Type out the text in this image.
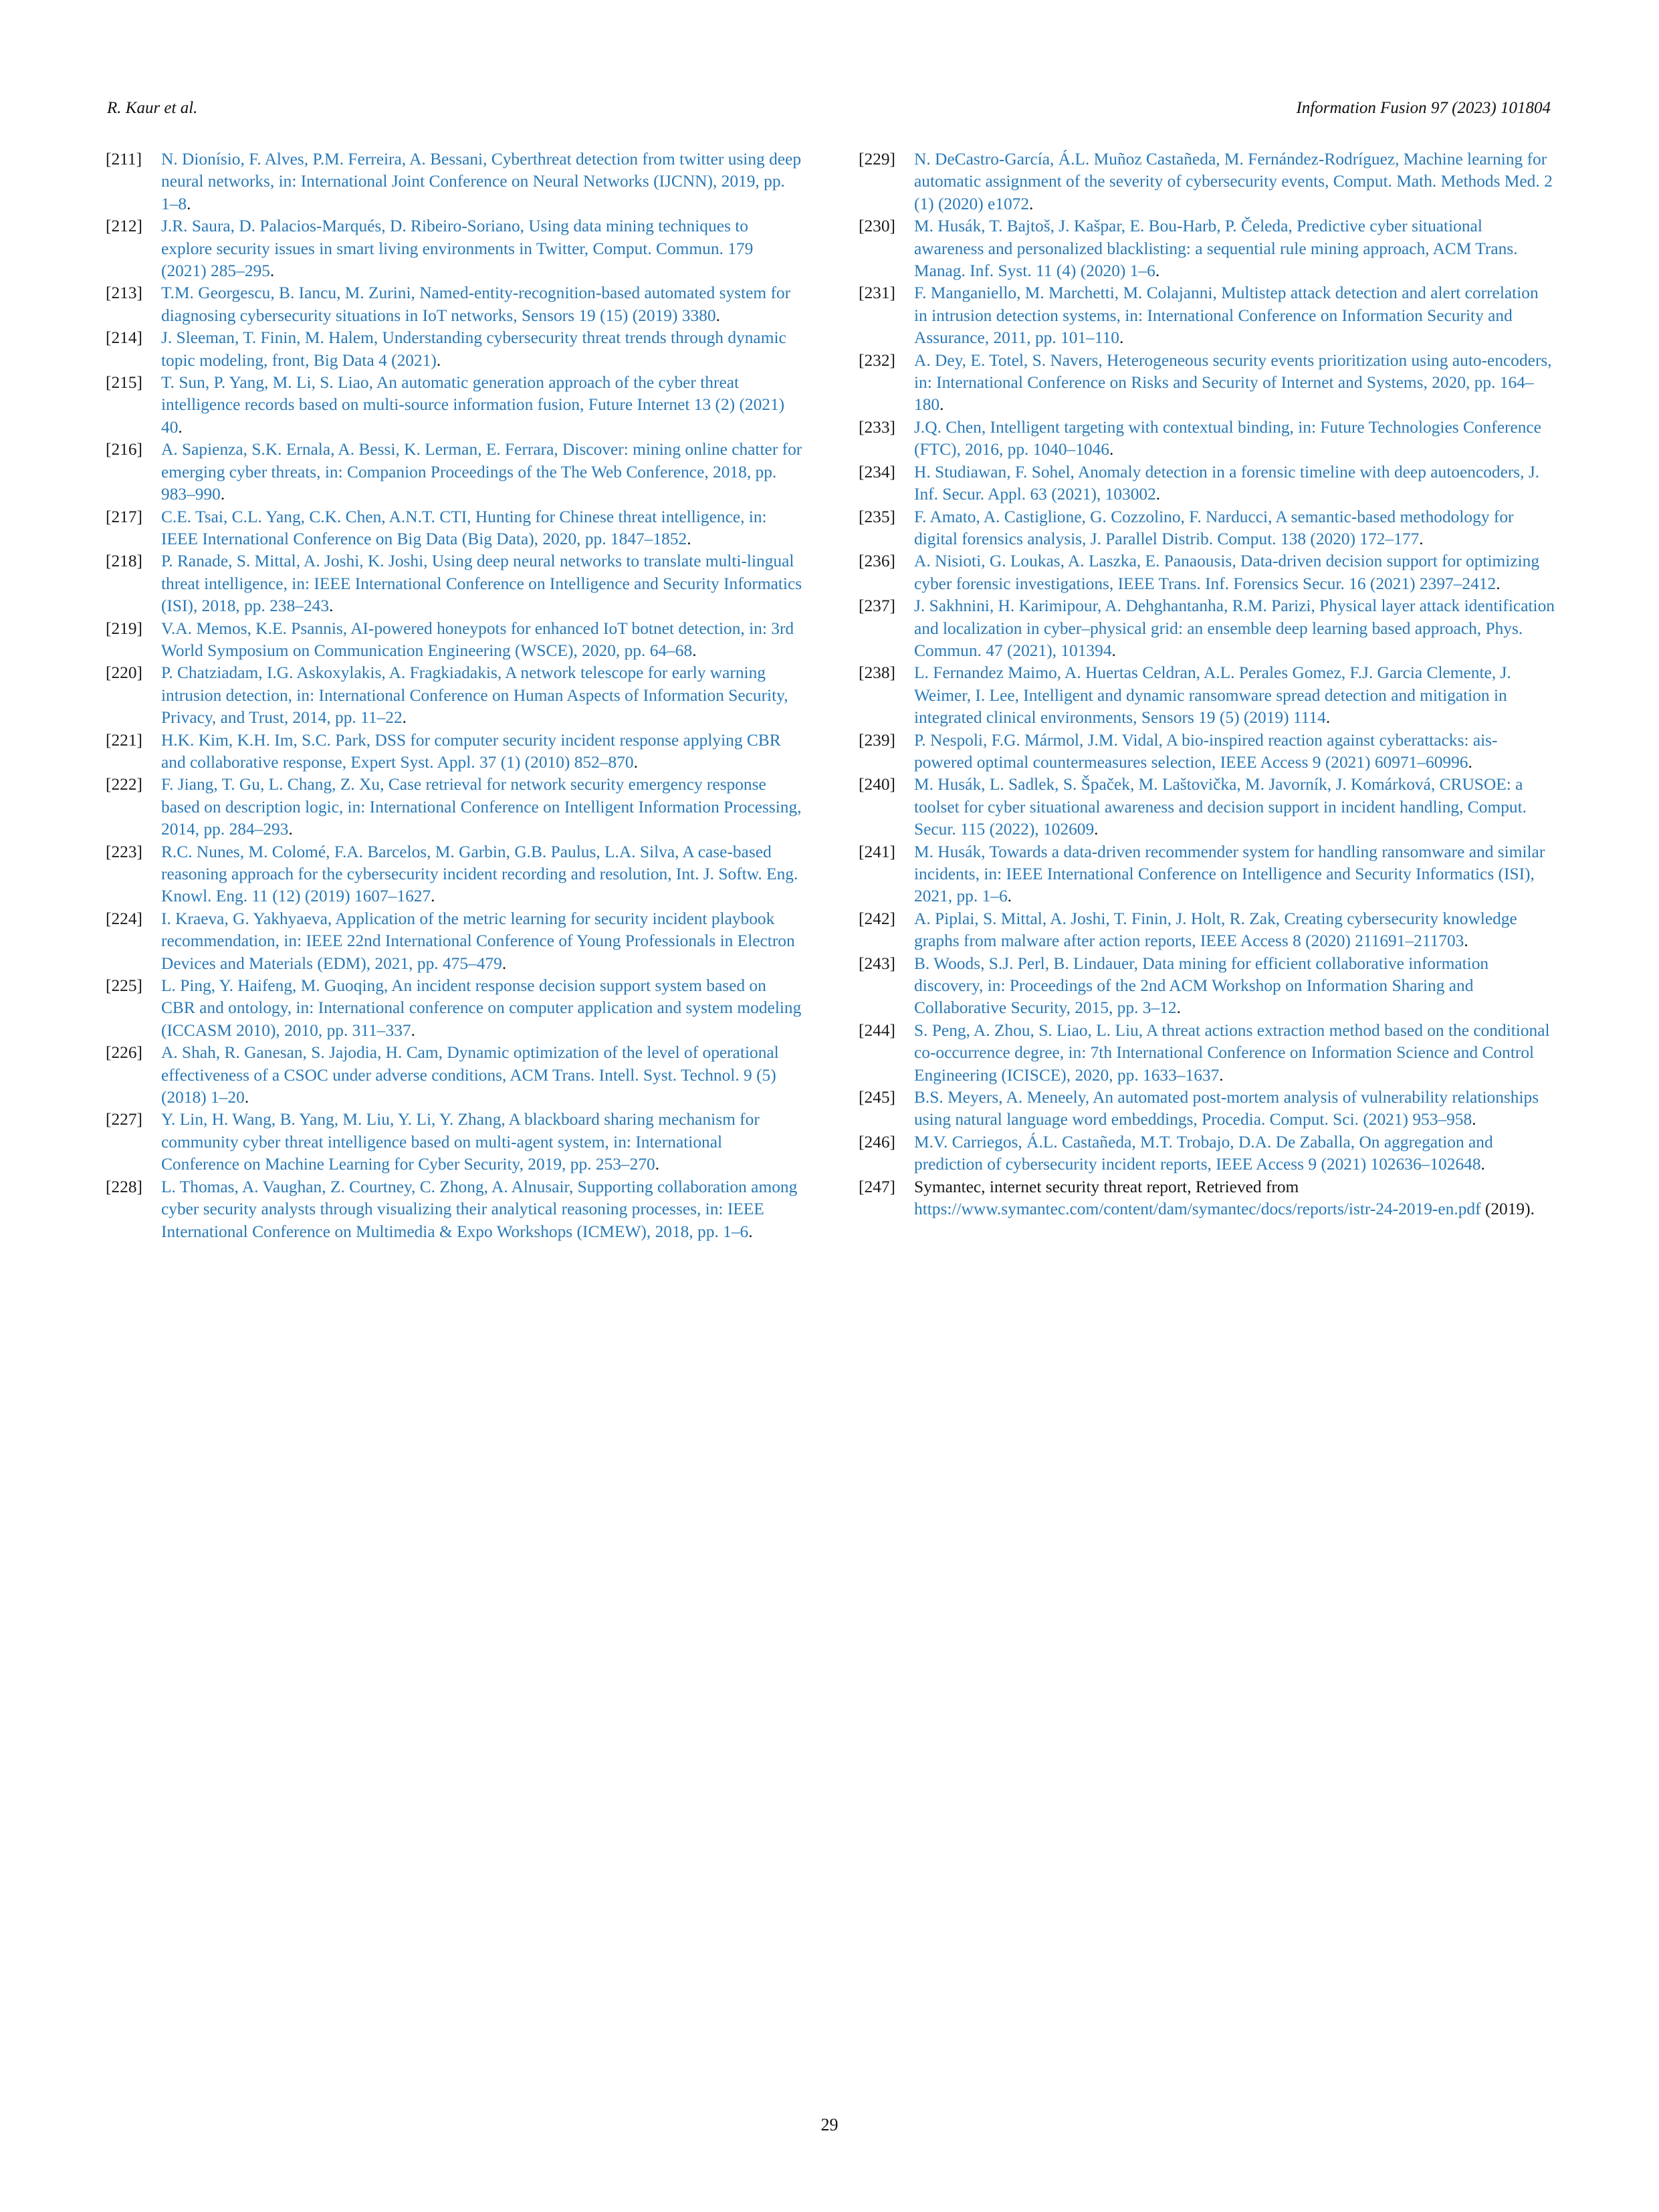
R. Kaur et al.	Information Fusion 97 (2023) 101804
[211] N. Dionísio, F. Alves, P.M. Ferreira, A. Bessani, Cyberthreat detection from twitter using deep neural networks, in: International Joint Conference on Neural Networks (IJCNN), 2019, pp. 1–8.
[212] J.R. Saura, D. Palacios-Marqués, D. Ribeiro-Soriano, Using data mining techniques to explore security issues in smart living environments in Twitter, Comput. Commun. 179 (2021) 285–295.
[213] T.M. Georgescu, B. Iancu, M. Zurini, Named-entity-recognition-based automated system for diagnosing cybersecurity situations in IoT networks, Sensors 19 (15) (2019) 3380.
[214] J. Sleeman, T. Finin, M. Halem, Understanding cybersecurity threat trends through dynamic topic modeling, front, Big Data 4 (2021).
[215] T. Sun, P. Yang, M. Li, S. Liao, An automatic generation approach of the cyber threat intelligence records based on multi-source information fusion, Future Internet 13 (2) (2021) 40.
[216] A. Sapienza, S.K. Ernala, A. Bessi, K. Lerman, E. Ferrara, Discover: mining online chatter for emerging cyber threats, in: Companion Proceedings of the The Web Conference, 2018, pp. 983–990.
[217] C.E. Tsai, C.L. Yang, C.K. Chen, A.N.T. CTI, Hunting for Chinese threat intelligence, in: IEEE International Conference on Big Data (Big Data), 2020, pp. 1847–1852.
[218] P. Ranade, S. Mittal, A. Joshi, K. Joshi, Using deep neural networks to translate multi-lingual threat intelligence, in: IEEE International Conference on Intelligence and Security Informatics (ISI), 2018, pp. 238–243.
[219] V.A. Memos, K.E. Psannis, AI-powered honeypots for enhanced IoT botnet detection, in: 3rd World Symposium on Communication Engineering (WSCE), 2020, pp. 64–68.
[220] P. Chatziadam, I.G. Askoxylakis, A. Fragkiadakis, A network telescope for early warning intrusion detection, in: International Conference on Human Aspects of Information Security, Privacy, and Trust, 2014, pp. 11–22.
[221] H.K. Kim, K.H. Im, S.C. Park, DSS for computer security incident response applying CBR and collaborative response, Expert Syst. Appl. 37 (1) (2010) 852–870.
[222] F. Jiang, T. Gu, L. Chang, Z. Xu, Case retrieval for network security emergency response based on description logic, in: International Conference on Intelligent Information Processing, 2014, pp. 284–293.
[223] R.C. Nunes, M. Colomé, F.A. Barcelos, M. Garbin, G.B. Paulus, L.A. Silva, A case-based reasoning approach for the cybersecurity incident recording and resolution, Int. J. Softw. Eng. Knowl. Eng. 11 (12) (2019) 1607–1627.
[224] I. Kraeva, G. Yakhyaeva, Application of the metric learning for security incident playbook recommendation, in: IEEE 22nd International Conference of Young Professionals in Electron Devices and Materials (EDM), 2021, pp. 475–479.
[225] L. Ping, Y. Haifeng, M. Guoqing, An incident response decision support system based on CBR and ontology, in: International conference on computer application and system modeling (ICCASM 2010), 2010, pp. 311–337.
[226] A. Shah, R. Ganesan, S. Jajodia, H. Cam, Dynamic optimization of the level of operational effectiveness of a CSOC under adverse conditions, ACM Trans. Intell. Syst. Technol. 9 (5) (2018) 1–20.
[227] Y. Lin, H. Wang, B. Yang, M. Liu, Y. Li, Y. Zhang, A blackboard sharing mechanism for community cyber threat intelligence based on multi-agent system, in: International Conference on Machine Learning for Cyber Security, 2019, pp. 253–270.
[228] L. Thomas, A. Vaughan, Z. Courtney, C. Zhong, A. Alnusair, Supporting collaboration among cyber security analysts through visualizing their analytical reasoning processes, in: IEEE International Conference on Multimedia & Expo Workshops (ICMEW), 2018, pp. 1–6.
[229] N. DeCastro-García, Á.L. Muñoz Castañeda, M. Fernández-Rodríguez, Machine learning for automatic assignment of the severity of cybersecurity events, Comput. Math. Methods Med. 2 (1) (2020) e1072.
[230] M. Husák, T. Bajtoš, J. Kašpar, E. Bou-Harb, P. Čeleda, Predictive cyber situational awareness and personalized blacklisting: a sequential rule mining approach, ACM Trans. Manag. Inf. Syst. 11 (4) (2020) 1–6.
[231] F. Manganiello, M. Marchetti, M. Colajanni, Multistep attack detection and alert correlation in intrusion detection systems, in: International Conference on Information Security and Assurance, 2011, pp. 101–110.
[232] A. Dey, E. Totel, S. Navers, Heterogeneous security events prioritization using auto-encoders, in: International Conference on Risks and Security of Internet and Systems, 2020, pp. 164–180.
[233] J.Q. Chen, Intelligent targeting with contextual binding, in: Future Technologies Conference (FTC), 2016, pp. 1040–1046.
[234] H. Studiawan, F. Sohel, Anomaly detection in a forensic timeline with deep autoencoders, J. Inf. Secur. Appl. 63 (2021), 103002.
[235] F. Amato, A. Castiglione, G. Cozzolino, F. Narducci, A semantic-based methodology for digital forensics analysis, J. Parallel Distrib. Comput. 138 (2020) 172–177.
[236] A. Nisioti, G. Loukas, A. Laszka, E. Panaousis, Data-driven decision support for optimizing cyber forensic investigations, IEEE Trans. Inf. Forensics Secur. 16 (2021) 2397–2412.
[237] J. Sakhnini, H. Karimipour, A. Dehghantanha, R.M. Parizi, Physical layer attack identification and localization in cyber–physical grid: an ensemble deep learning based approach, Phys. Commun. 47 (2021), 101394.
[238] L. Fernandez Maimo, A. Huertas Celdran, A.L. Perales Gomez, F.J. Garcia Clemente, J. Weimer, I. Lee, Intelligent and dynamic ransomware spread detection and mitigation in integrated clinical environments, Sensors 19 (5) (2019) 1114.
[239] P. Nespoli, F.G. Mármol, J.M. Vidal, A bio-inspired reaction against cyberattacks: ais-powered optimal countermeasures selection, IEEE Access 9 (2021) 60971–60996.
[240] M. Husák, L. Sadlek, S. Špaček, M. Laštovička, M. Javorník, J. Komárková, CRUSOE: a toolset for cyber situational awareness and decision support in incident handling, Comput. Secur. 115 (2022), 102609.
[241] M. Husák, Towards a data-driven recommender system for handling ransomware and similar incidents, in: IEEE International Conference on Intelligence and Security Informatics (ISI), 2021, pp. 1–6.
[242] A. Piplai, S. Mittal, A. Joshi, T. Finin, J. Holt, R. Zak, Creating cybersecurity knowledge graphs from malware after action reports, IEEE Access 8 (2020) 211691–211703.
[243] B. Woods, S.J. Perl, B. Lindauer, Data mining for efficient collaborative information discovery, in: Proceedings of the 2nd ACM Workshop on Information Sharing and Collaborative Security, 2015, pp. 3–12.
[244] S. Peng, A. Zhou, S. Liao, L. Liu, A threat actions extraction method based on the conditional co-occurrence degree, in: 7th International Conference on Information Science and Control Engineering (ICISCE), 2020, pp. 1633–1637.
[245] B.S. Meyers, A. Meneely, An automated post-mortem analysis of vulnerability relationships using natural language word embeddings, Procedia. Comput. Sci. (2021) 953–958.
[246] M.V. Carriegos, Á.L. Castañeda, M.T. Trobajo, D.A. De Zaballa, On aggregation and prediction of cybersecurity incident reports, IEEE Access 9 (2021) 102636–102648.
[247] Symantec, internet security threat report, Retrieved from https://www.symantec.com/content/dam/symantec/docs/reports/istr-24-2019-en.pdf (2019).
29
